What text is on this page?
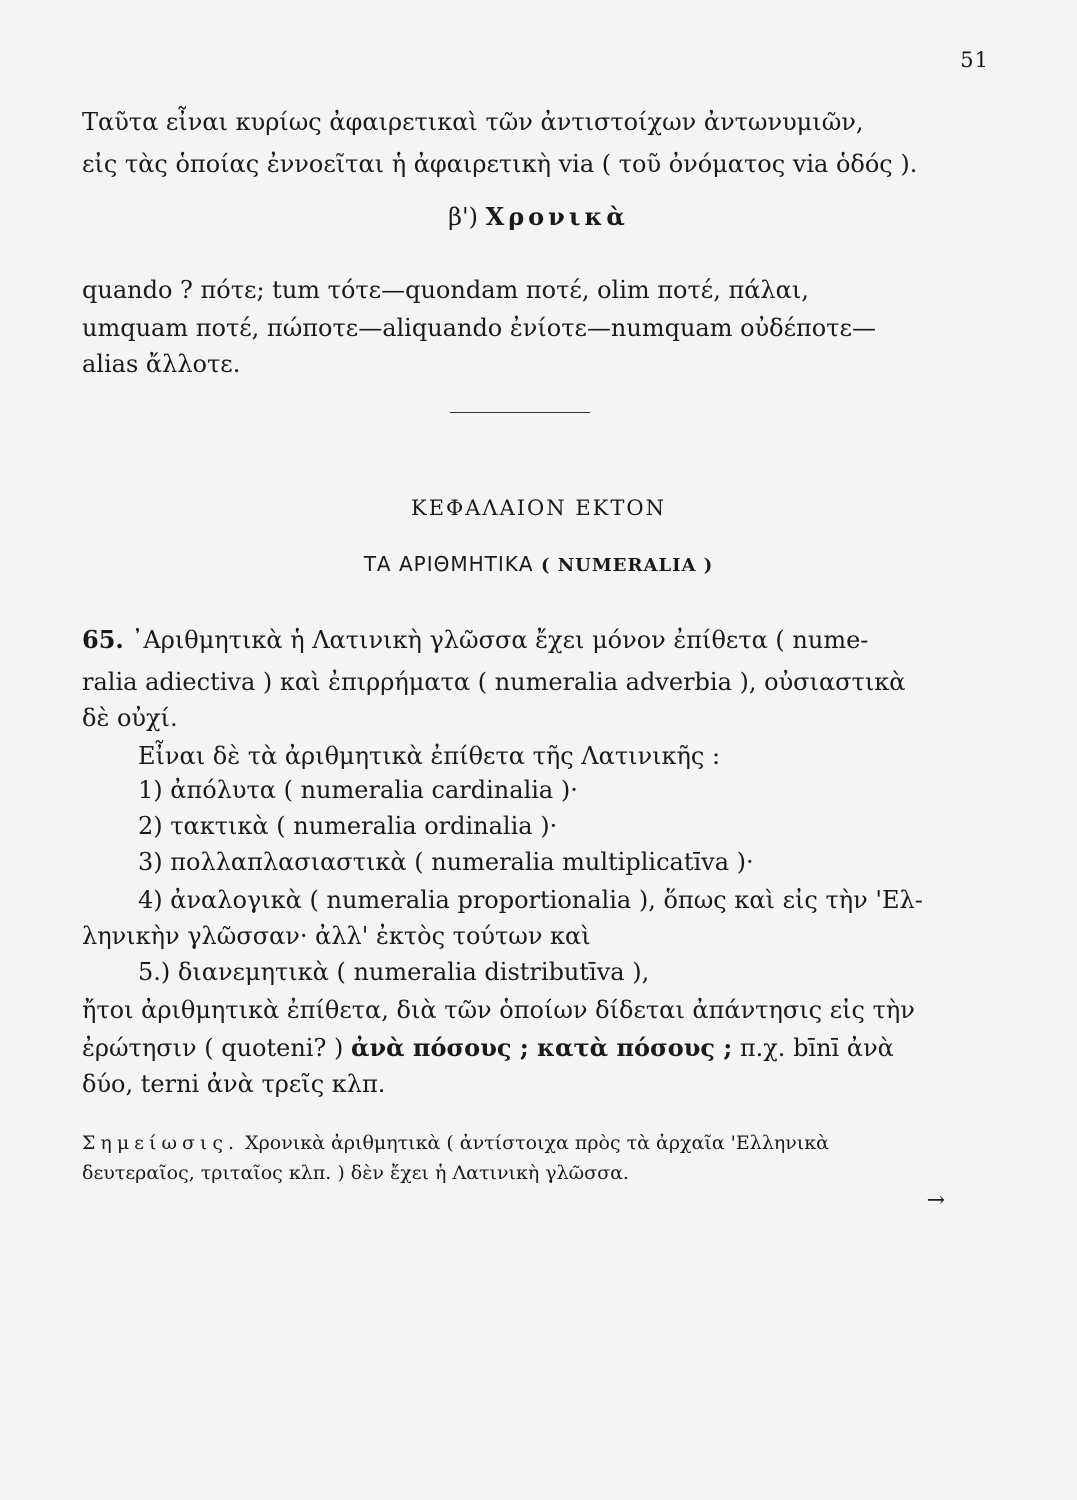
51
Ταῦτα εἶναι κυρίως ἀφαιρετικαὶ τῶν ἀντιστοίχων ἀντωνυμιῶν,
εἰς τὰς ὁποίας ἐννοεῖται ἡ ἀφαιρετικὴ via ( τοῦ ὀνόματος via ὁδός ).
β') Χρονικὰ
quando ? πότε; tum τότε—quondam ποτέ, olim ποτέ, πάλαι,
umquam ποτέ, πώποτε—aliquando ἐνίοτε—numquam οὐδέποτε—
alias ἄλλοτε.
ΚΕΦΑΛΑΙΟΝ ΕΚΤΟΝ
ΤΑ ΑΡΙΘΜΗΤΙΚΑ ( NUMERALIA )
65. ᾿Αριθμητικὰ ἡ Λατινικὴ γλῶσσα ἔχει μόνον ἐπίθετα ( nume-
ralia adiectiva ) καὶ ἐπιρρήματα ( numeralia adverbia ), οὐσιαστικὰ
δὲ οὐχί.
Εἶναι δὲ τὰ ἀριθμητικὰ ἐπίθετα τῆς Λατινικῆς :
1) ἀπόλυτα ( numeralia cardinalia )·
2) τακτικὰ ( numeralia ordinalia )·
3) πολλαπλασιαστικὰ ( numeralia multiplicatīva )·
4) ἀναλογικὰ ( numeralia proportionalia ), ὅπως καὶ εἰς τὴν 'Ελ-
ληνικὴν γλῶσσαν· ἀλλ' ἐκτὸς τούτων καὶ
5.) διανεμητικὰ ( numeralia distributīva ),
ἤτοι ἀριθμητικὰ ἐπίθετα, διὰ τῶν ὁποίων δίδεται ἀπάντησις εἰς τὴν
ἐρώτησιν ( quoteni? ) ἀνὰ πόσους ; κατὰ πόσους ; π.χ. bīnī ἀνὰ
δύο, terni ἀνὰ τρεῖς κλπ.
Σημείωσις. Χρονικὰ ἀριθμητικὰ ( ἀντίστοιχα πρὸς τὰ ἀρχαῖα 'Ελληνικὰ
δευτεραῖος, τριταῖος κλπ. ) δὲν ἔχει ἡ Λατινικὴ γλῶσσα.
→
